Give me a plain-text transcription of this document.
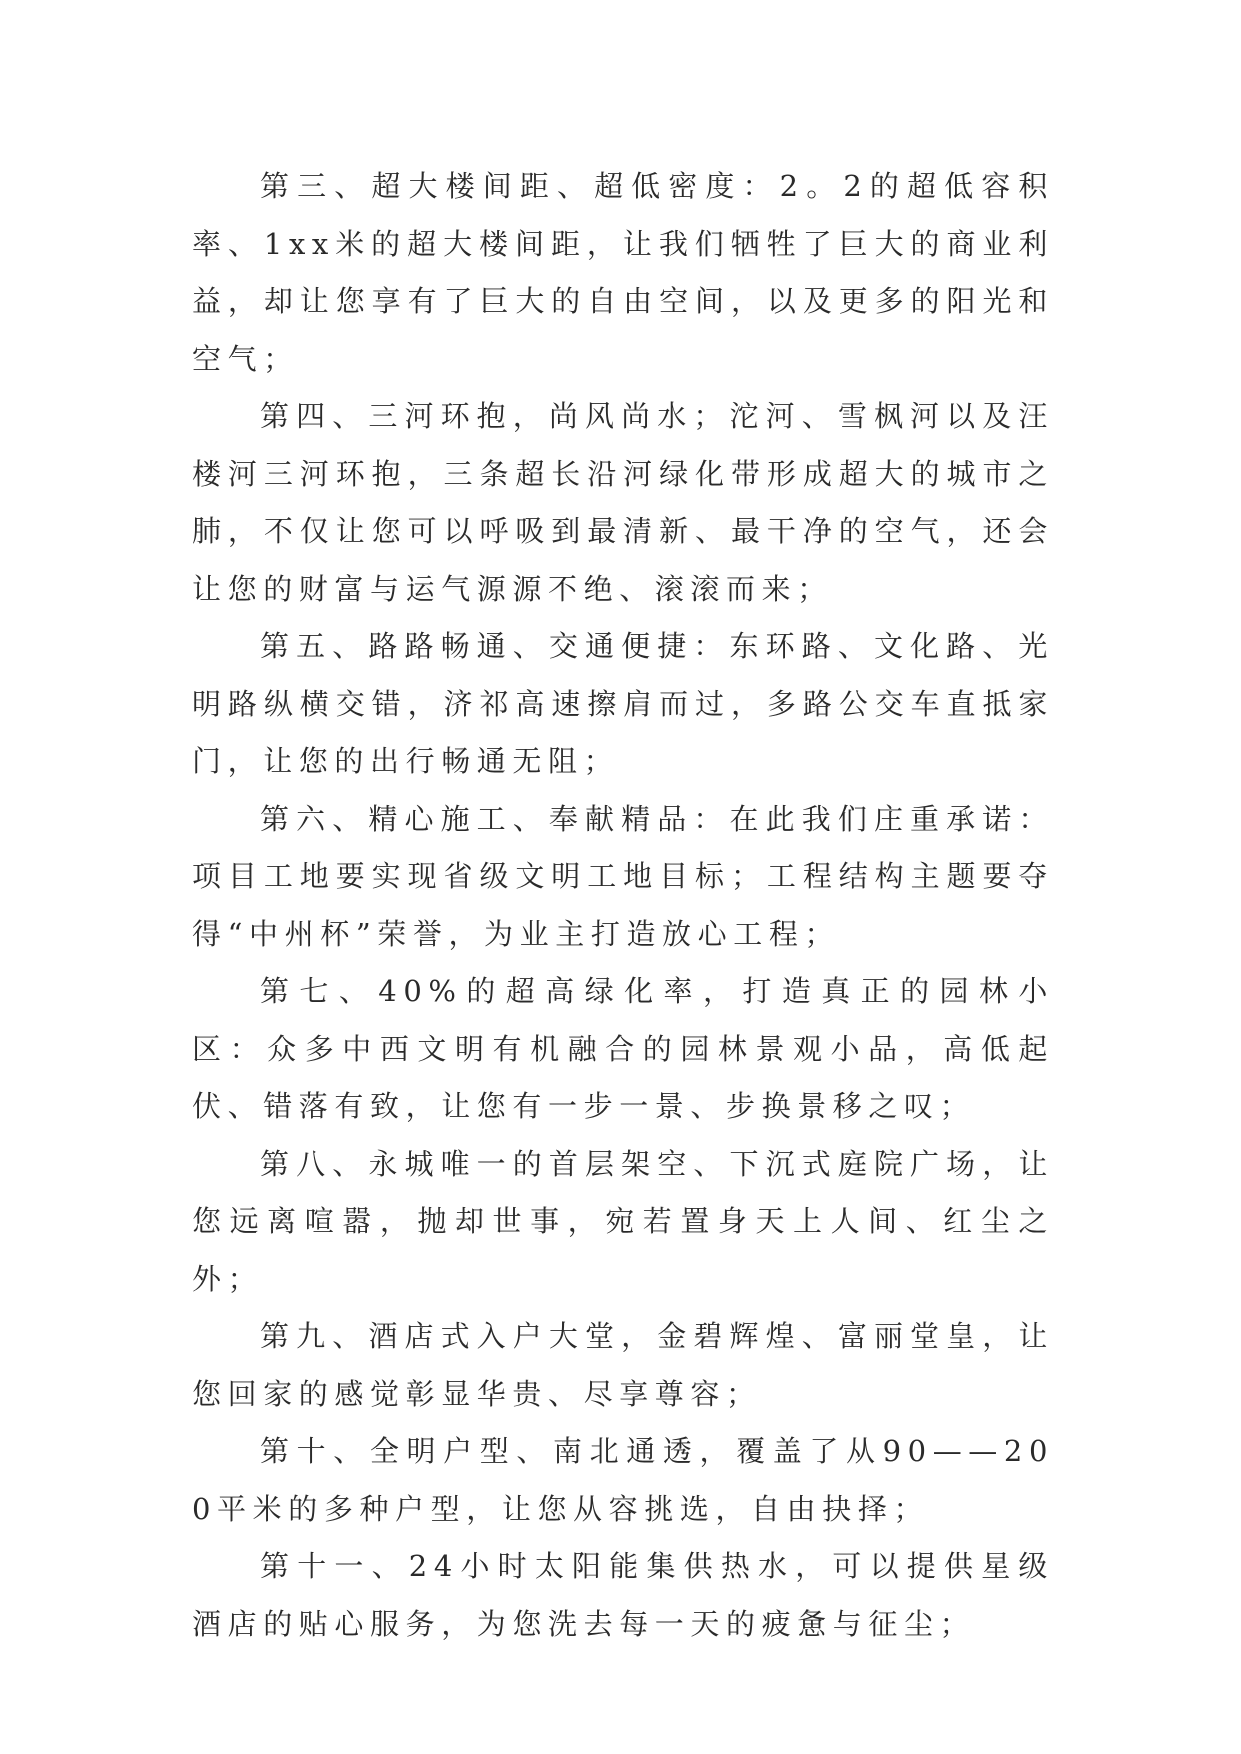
第三、超大楼间距、超低密度：2。2的超低容积率、1xx米的超大楼间距，让我们牺牲了巨大的商业利益，却让您享有了巨大的自由空间，以及更多的阳光和空气；

第四、三河环抱，尚风尚水；沱河、雪枫河以及汪楼河三河环抱，三条超长沿河绿化带形成超大的城市之肺，不仅让您可以呼吸到最清新、最干净的空气，还会让您的财富与运气源源不绝、滚滚而来；

第五、路路畅通、交通便捷：东环路、文化路、光明路纵横交错，济祁高速擦肩而过，多路公交车直抵家门，让您的出行畅通无阻；

第六、精心施工、奉献精品：在此我们庄重承诺：项目工地要实现省级文明工地目标；工程结构主题要夺得“中州杯”荣誉，为业主打造放心工程；

第七、40%的超高绿化率，打造真正的园林小区：众多中西文明有机融合的园林景观小品，高低起伏、错落有致，让您有一步一景、步换景移之叹；

第八、永城唯一的首层架空、下沉式庭院广场，让您远离喧嚣，抛却世事，宛若置身天上人间、红尘之外；

第九、酒店式入户大堂，金碧辉煌、富丽堂皇，让您回家的感觉彰显华贵、尽享尊容；

第十、全明户型、南北通透，覆盖了从90——200平米的多种户型，让您从容挑选，自由抉择；

第十一、24小时太阳能集供热水，可以提供星级酒店的贴心服务，为您洗去每一天的疲惫与征尘；
